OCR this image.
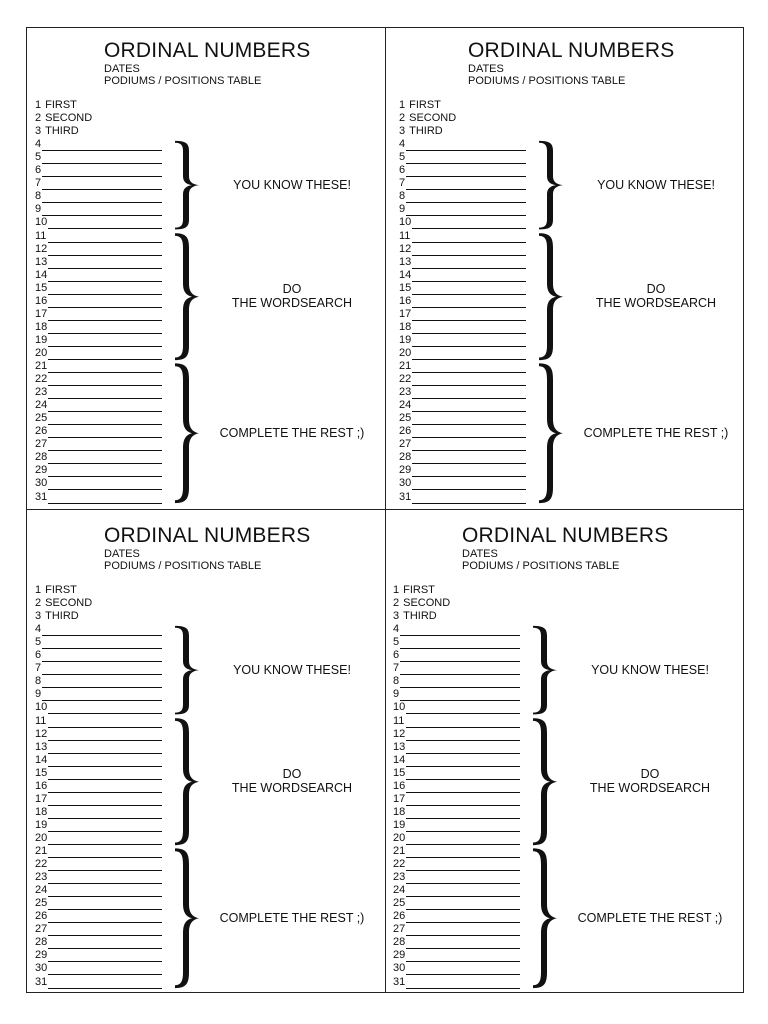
ORDINAL NUMBERS
DATES
PODIUMS / POSITIONS TABLE
1 FIRST
2 SECOND
3 THIRD
4
5
6
7
8
9
10
11
12
13
14
15
16
17
18
19
20
21
22
23
24
25
26
27
28
29
30
31
YOU KNOW THESE!
DO
THE WORDSEARCH
COMPLETE THE REST ;)
ORDINAL NUMBERS
DATES
PODIUMS / POSITIONS TABLE
1 FIRST
2 SECOND
3 THIRD
4
5
6
7
8
9
10
11
12
13
14
15
16
17
18
19
20
21
22
23
24
25
26
27
28
29
30
31
YOU KNOW THESE!
DO
THE WORDSEARCH
COMPLETE THE REST ;)
ORDINAL NUMBERS
DATES
PODIUMS / POSITIONS TABLE
1 FIRST
2 SECOND
3 THIRD
4
5
6
7
8
9
10
11
12
13
14
15
16
17
18
19
20
21
22
23
24
25
26
27
28
29
30
31
YOU KNOW THESE!
DO
THE WORDSEARCH
COMPLETE THE REST ;)
ORDINAL NUMBERS
DATES
PODIUMS / POSITIONS TABLE
1 FIRST
2 SECOND
3 THIRD
4
5
6
7
8
9
10
11
12
13
14
15
16
17
18
19
20
21
22
23
24
25
26
27
28
29
30
31
YOU KNOW THESE!
DO
THE WORDSEARCH
COMPLETE THE REST ;)
